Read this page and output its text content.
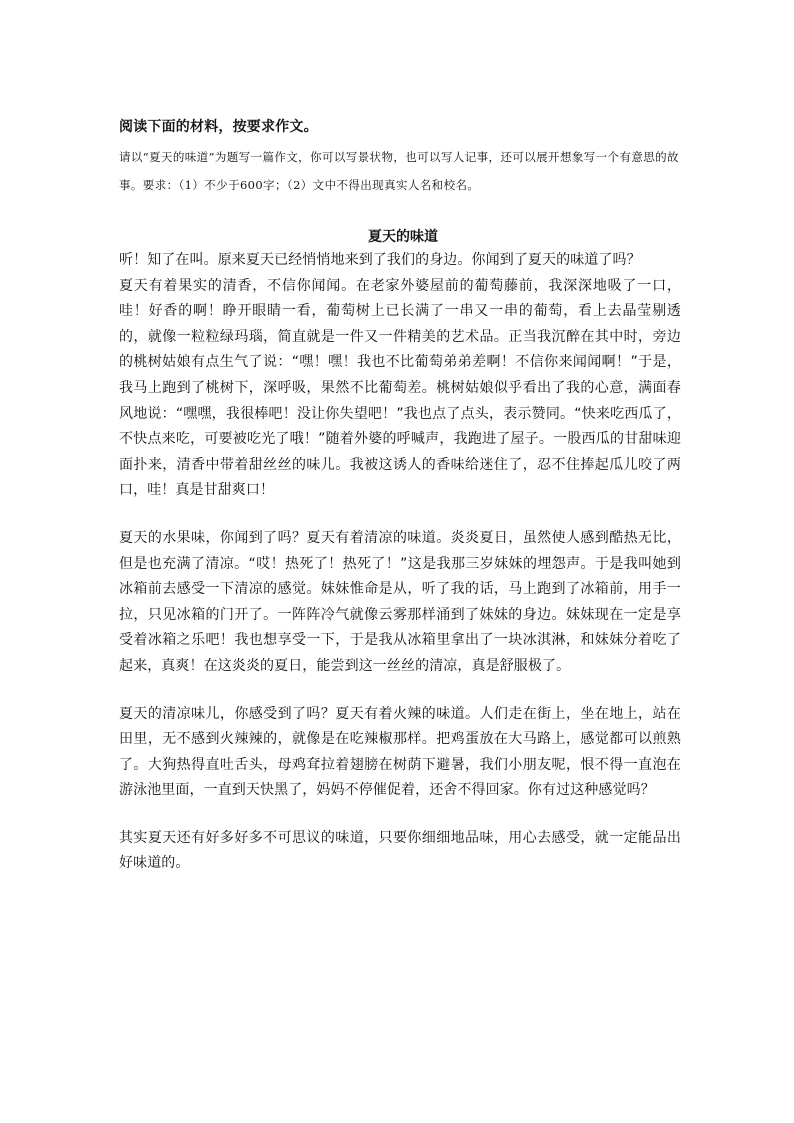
阅读下面的材料，按要求作文。

请以“夏天的味道”为题写一篇作文，你可以写景状物，也可以写人记事，还可以展开想象写一个有意思的故事。要求：（1）不少于600字；（2）文中不得出现真实人名和校名。

夏天的味道

听！知了在叫。原来夏天已经悄悄地来到了我们的身边。你闻到了夏天的味道了吗？

夏天有着果实的清香，不信你闻闻。在老家外婆屋前的葡萄藤前，我深深地吸了一口，哇！好香的啊！睁开眼睛一看，葡萄树上已长满了一串又一串的葡萄，看上去晶莹剔透的，就像一粒粒绿玛瑙，简直就是一件又一件精美的艺术品。正当我沉醉在其中时，旁边的桃树姑娘有点生气了说：“嘿！嘿！我也不比葡萄弟弟差啊！不信你来闻闻啊！”于是，我马上跑到了桃树下，深呼吸，果然不比葡萄差。桃树姑娘似乎看出了我的心意，满面春风地说：“嘿嘿，我很棒吧！没让你失望吧！”我也点了点头，表示赞同。“快来吃西瓜了，不快点来吃，可要被吃光了哦！”随着外婆的呼喊声，我跑进了屋子。一股西瓜的甘甜味迎面扑来，清香中带着甜丝丝的味儿。我被这诱人的香味给迷住了，忍不住捧起瓜儿咬了两口，哇！真是甘甜爽口！

夏天的水果味，你闻到了吗？夏天有着清凉的味道。炎炎夏日，虽然使人感到酷热无比，但是也充满了清凉。“哎！热死了！热死了！”这是我那三岁妹妹的埋怨声。于是我叫她到冰箱前去感受一下清凉的感觉。妹妹惟命是从，听了我的话，马上跑到了冰箱前，用手一拉，只见冰箱的门开了。一阵阵冷气就像云雾那样涌到了妹妹的身边。妹妹现在一定是享受着冰箱之乐吧！我也想享受一下，于是我从冰箱里拿出了一块冰淇淋，和妹妹分着吃了起来，真爽！在这炎炎的夏日，能尝到这一丝丝的清凉，真是舒服极了。

夏天的清凉味儿，你感受到了吗？夏天有着火辣的味道。人们走在街上，坐在地上，站在田里，无不感到火辣辣的，就像是在吃辣椒那样。把鸡蛋放在大马路上，感觉都可以煎熟了。大狗热得直吐舌头，母鸡耷拉着翅膀在树荫下避暑，我们小朋友呢，恨不得一直泡在游泳池里面，一直到天快黑了，妈妈不停催促着，还舍不得回家。你有过这种感觉吗？

其实夏天还有好多好多不可思议的味道，只要你细细地品味，用心去感受，就一定能品出好味道的。
